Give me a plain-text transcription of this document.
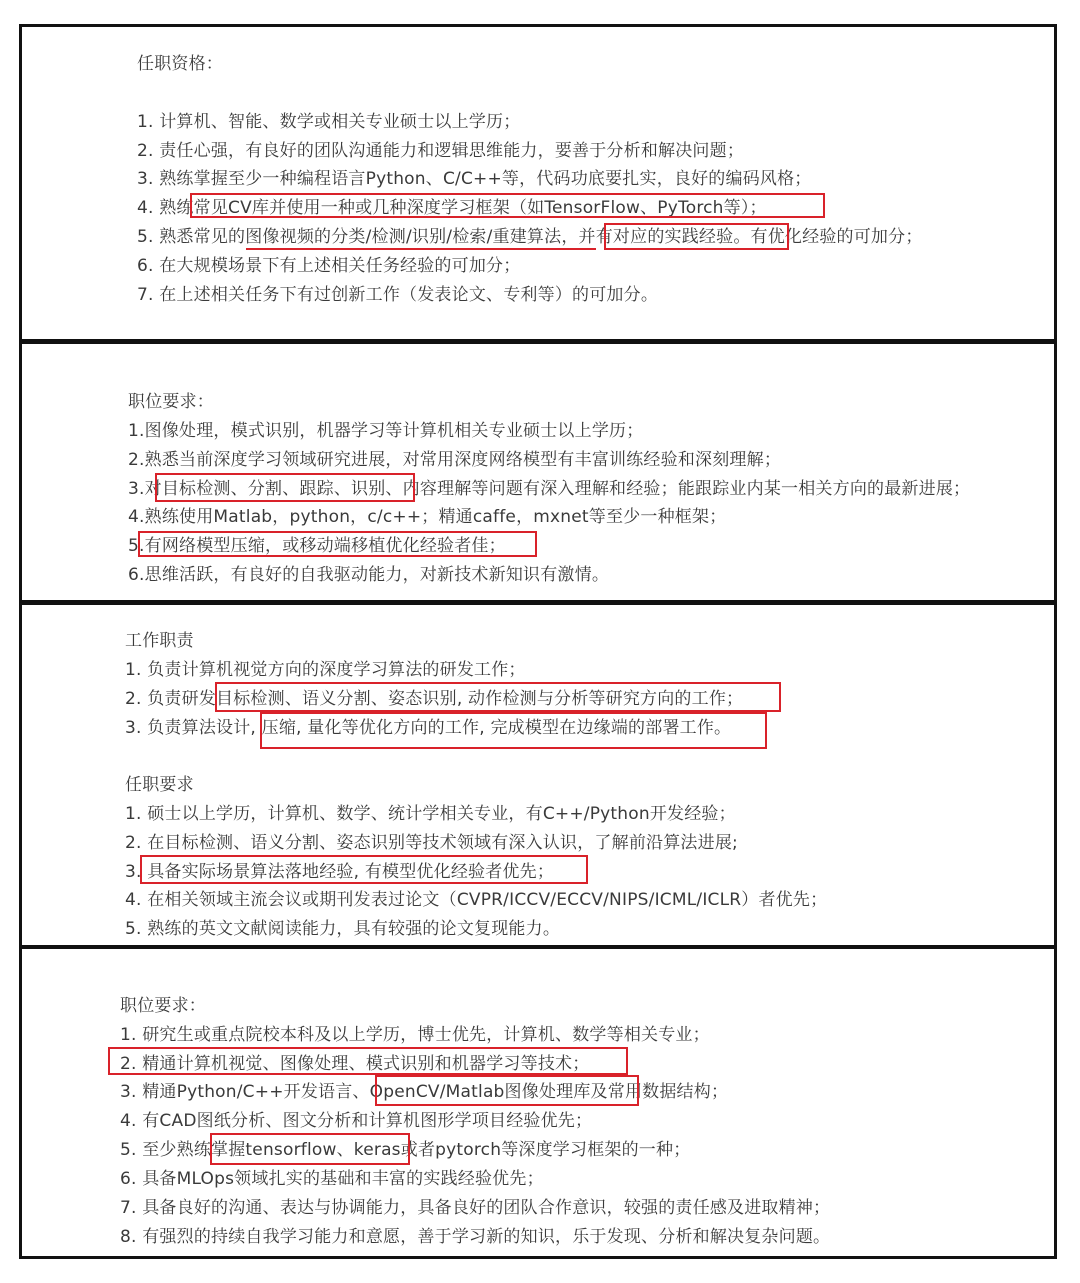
任职资格：
1. 计算机、智能、数学或相关专业硕士以上学历；
2. 责任心强，有良好的团队沟通能力和逻辑思维能力，要善于分析和解决问题；
3. 熟练掌握至少一种编程语言Python、C/C++等，代码功底要扎实，良好的编码风格；
4. 熟练常见CV库并使用一种或几种深度学习框架（如TensorFlow、PyTorch等）；
5. 熟悉常见的图像视频的分类/检测/识别/检索/重建算法，并有对应的实践经验。有优化经验的可加分；
6. 在大规模场景下有上述相关任务经验的可加分；
7. 在上述相关任务下有过创新工作（发表论文、专利等）的可加分。
职位要求：
1.图像处理，模式识别，机器学习等计算机相关专业硕士以上学历；
2.熟悉当前深度学习领域研究进展，对常用深度网络模型有丰富训练经验和深刻理解；
3.对目标检测、分割、跟踪、识别、内容理解等问题有深入理解和经验；能跟踪业内某一相关方向的最新进展；
4.熟练使用Matlab，python，c/c++；精通caffe，mxnet等至少一种框架；
5.有网络模型压缩，或移动端移植优化经验者佳；
6.思维活跃，有良好的自我驱动能力，对新技术新知识有激情。
工作职责
1. 负责计算机视觉方向的深度学习算法的研发工作；
2. 负责研发目标检测、语义分割、姿态识别, 动作检测与分析等研究方向的工作；
3. 负责算法设计, 压缩, 量化等优化方向的工作, 完成模型在边缘端的部署工作。
任职要求
1. 硕士以上学历，计算机、数学、统计学相关专业，有C++/Python开发经验；
2. 在目标检测、语义分割、姿态识别等技术领域有深入认识，了解前沿算法进展;
3. 具备实际场景算法落地经验, 有模型优化经验者优先；
4. 在相关领域主流会议或期刊发表过论文（CVPR/ICCV/ECCV/NIPS/ICML/ICLR）者优先；
5. 熟练的英文文献阅读能力，具有较强的论文复现能力。
职位要求：
1. 研究生或重点院校本科及以上学历，博士优先，计算机、数学等相关专业；
2. 精通计算机视觉、图像处理、模式识别和机器学习等技术；
3. 精通Python/C++开发语言、OpenCV/Matlab图像处理库及常用数据结构；
4. 有CAD图纸分析、图文分析和计算机图形学项目经验优先；
5. 至少熟练掌握tensorflow、keras或者pytorch等深度学习框架的一种；
6. 具备MLOps领域扎实的基础和丰富的实践经验优先；
7. 具备良好的沟通、表达与协调能力，具备良好的团队合作意识，较强的责任感及进取精神；
8. 有强烈的持续自我学习能力和意愿，善于学习新的知识，乐于发现、分析和解决复杂问题。
